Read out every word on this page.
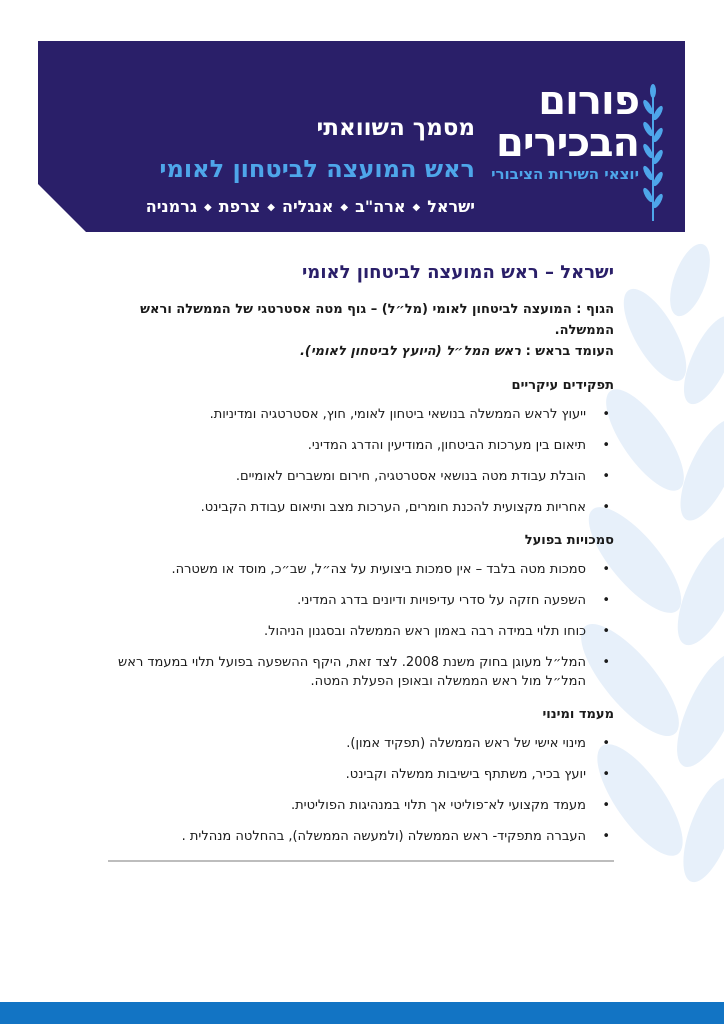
מסמך השוואתי

ראש המועצה לביטחון לאומי

ישראל◆ארה"ב◆אנגליה◆צרפת◆גרמניה
פורום
הבכירים
יוצאי השירות הציבורי
ישראל – ראש המועצה לביטחון לאומי
הגוף : המועצה לביטחון לאומי (מל״ל) – גוף מטה אסטרטגי של הממשלה וראש הממשלה.
העומד בראש : ראש המל״ל (היועץ לביטחון לאומי).
תפקידים עיקריים
•
ייעוץ לראש הממשלה בנושאי ביטחון לאומי, חוץ, אסטרטגיה ומדיניות.
•
תיאום בין מערכות הביטחון, המודיעין והדרג המדיני.
•
הובלת עבודת מטה בנושאי אסטרטגיה, חירום ומשברים לאומיים.
•
אחריות מקצועית להכנת חומרים, הערכות מצב ותיאום עבודת הקבינט.
סמכויות בפועל
•
סמכות מטה בלבד – אין סמכות ביצועית על צה״ל, שב״כ, מוסד או משטרה.
•
השפעה חזקה על סדרי עדיפויות ודיונים בדרג המדיני.
•
כוחו תלוי במידה רבה באמון ראש הממשלה ובסגנון הניהול.
•
המל״ל מעוגן בחוק משנת 2008. לצד זאת, היקף ההשפעה בפועל תלוי במעמד ראש המל״ל מול ראש הממשלה ובאופן הפעלת המטה.
מעמד ומינוי
•
מינוי אישי של ראש הממשלה (תפקיד אמון).
•
יועץ בכיר, משתתף בישיבות ממשלה וקבינט.
•
מעמד מקצועי לא־פוליטי אך תלוי במנהיגות הפוליטית.
•
העברה מתפקיד- ראש הממשלה (ולמעשה הממשלה), בהחלטה מנהלית .
